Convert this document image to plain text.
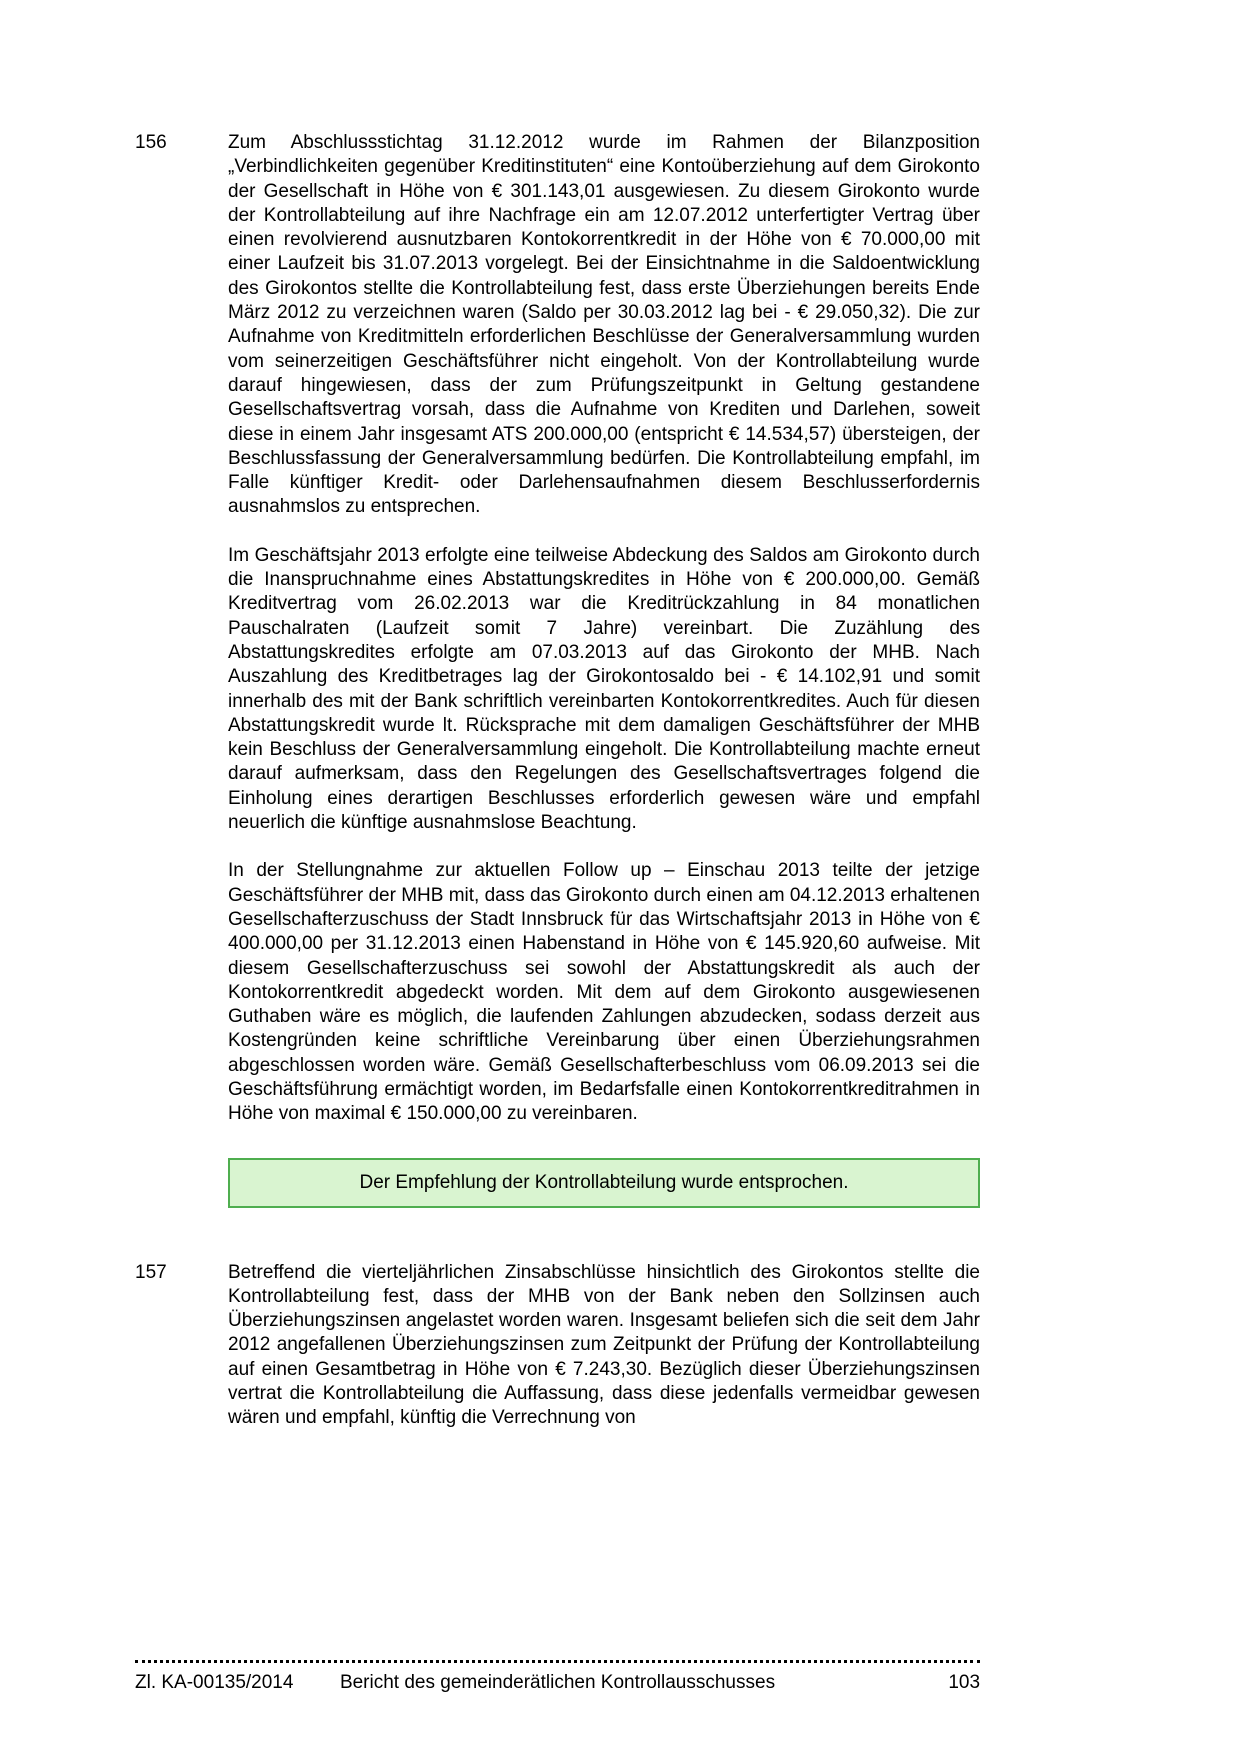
156	Zum Abschlussstichtag 31.12.2012 wurde im Rahmen der Bilanzposition „Verbindlichkeiten gegenüber Kreditinstituten“ eine Kontoüberziehung auf dem Girokonto der Gesellschaft in Höhe von € 301.143,01 ausgewiesen. Zu diesem Girokonto wurde der Kontrollabteilung auf ihre Nachfrage ein am 12.07.2012 unterfertigter Vertrag über einen revolvierend ausnutzbaren Kontokorrentkredit in der Höhe von € 70.000,00 mit einer Laufzeit bis 31.07.2013 vorgelegt. Bei der Einsichtnahme in die Saldoentwicklung des Girokontos stellte die Kontrollabteilung fest, dass erste Überziehungen bereits Ende März 2012 zu verzeichnen waren (Saldo per 30.03.2012 lag bei - € 29.050,32). Die zur Aufnahme von Kreditmitteln erforderlichen Beschlüsse der Generalversammlung wurden vom seinerzeitigen Geschäftsführer nicht eingeholt. Von der Kontrollabteilung wurde darauf hingewiesen, dass der zum Prüfungszeitpunkt in Geltung gestandene Gesellschaftsvertrag vorsah, dass die Aufnahme von Krediten und Darlehen, soweit diese in einem Jahr insgesamt ATS 200.000,00 (entspricht € 14.534,57) übersteigen, der Beschlussfassung der Generalversammlung bedürfen. Die Kontrollabteilung empfahl, im Falle künftiger Kredit- oder Darlehensaufnahmen diesem Beschlusserfordernis ausnahmslos zu entsprechen.

Im Geschäftsjahr 2013 erfolgte eine teilweise Abdeckung des Saldos am Girokonto durch die Inanspruchnahme eines Abstattungskredites in Höhe von € 200.000,00. Gemäß Kreditvertrag vom 26.02.2013 war die Kreditrückzahlung in 84 monatlichen Pauschalraten (Laufzeit somit 7 Jahre) vereinbart. Die Zuzählung des Abstattungskredites erfolgte am 07.03.2013 auf das Girokonto der MHB. Nach Auszahlung des Kreditbetrages lag der Girokontosaldo bei - € 14.102,91 und somit innerhalb des mit der Bank schriftlich vereinbarten Kontokorrentkredites. Auch für diesen Abstattungskredit wurde lt. Rücksprache mit dem damaligen Geschäftsführer der MHB kein Beschluss der Generalversammlung eingeholt. Die Kontrollabteilung machte erneut darauf aufmerksam, dass den Regelungen des Gesellschaftsvertrages folgend die Einholung eines derartigen Beschlusses erforderlich gewesen wäre und empfahl neuerlich die künftige ausnahmslose Beachtung.

In der Stellungnahme zur aktuellen Follow up – Einschau 2013 teilte der jetzige Geschäftsführer der MHB mit, dass das Girokonto durch einen am 04.12.2013 erhaltenen Gesellschafterzuschuss der Stadt Innsbruck für das Wirtschaftsjahr 2013 in Höhe von € 400.000,00 per 31.12.2013 einen Habenstand in Höhe von € 145.920,60 aufweise. Mit diesem Gesellschafterzuschuss sei sowohl der Abstattungskredit als auch der Kontokorrentkredit abgedeckt worden. Mit dem auf dem Girokonto ausgewiesenen Guthaben wäre es möglich, die laufenden Zahlungen abzudecken, sodass derzeit aus Kostengründen keine schriftliche Vereinbarung über einen Überziehungsrahmen abgeschlossen worden wäre. Gemäß Gesellschafterbeschluss vom 06.09.2013 sei die Geschäftsführung ermächtigt worden, im Bedarfsfalle einen Kontokorrentkreditrahmen in Höhe von maximal € 150.000,00 zu vereinbaren.

Der Empfehlung der Kontrollabteilung wurde entsprochen.
157	Betreffend die vierteljährlichen Zinsabschlüsse hinsichtlich des Girokontos stellte die Kontrollabteilung fest, dass der MHB von der Bank neben den Sollzinsen auch Überziehungszinsen angelastet worden waren. Insgesamt beliefen sich die seit dem Jahr 2012 angefallenen Überziehungszinsen zum Zeitpunkt der Prüfung der Kontrollabteilung auf einen Gesamtbetrag in Höhe von € 7.243,30. Bezüglich dieser Überziehungszinsen vertrat die Kontrollabteilung die Auffassung, dass diese jedenfalls vermeidbar gewesen wären und empfahl, künftig die Verrechnung von

Zl. KA-00135/2014	Bericht des gemeinderätlichen Kontrollausschusses	103
